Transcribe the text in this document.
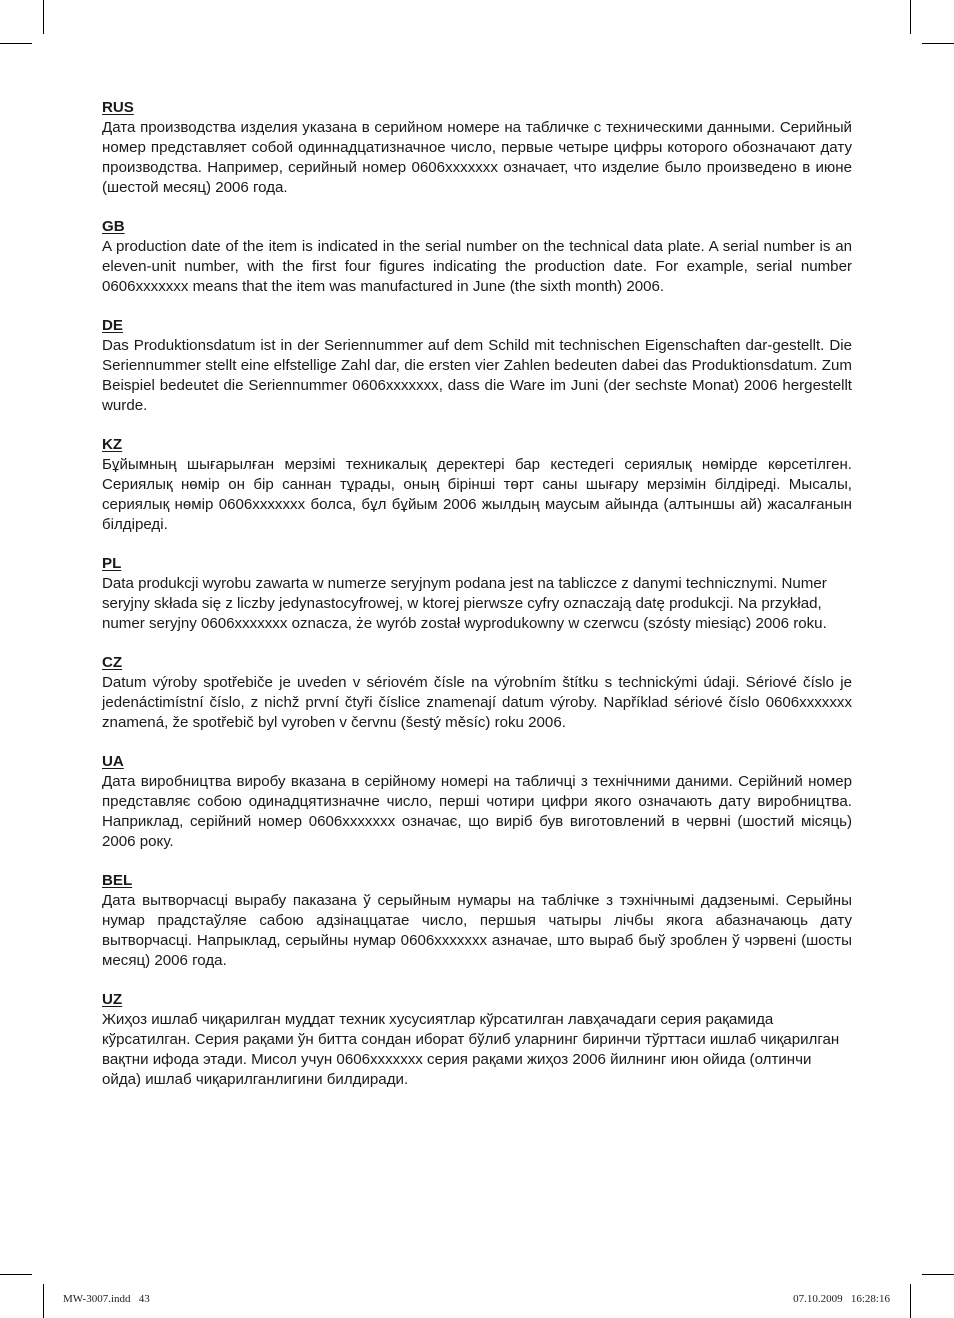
RUS

Дата производства изделия указана в серийном номере на табличке с техническими данными. Серийный номер представляет собой одиннадцатизначное число, первые четыре цифры которого обозначают дату производства. Например, серийный номер 0606xxxxxxx означает, что изделие было произведено в июне (шестой месяц) 2006 года.

GB

A production date of the item is indicated in the serial number on the technical data plate. A serial number is an eleven-unit number, with the first four figures indicating the production date. For example, serial number 0606xxxxxxx means that the item was manufactured in June (the sixth month) 2006.

DE

Das Produktionsdatum ist in der Seriennummer auf dem Schild mit technischen Eigenschaften dar-gestellt. Die Seriennummer stellt eine elfstellige Zahl dar, die ersten vier Zahlen bedeuten dabei das Produktionsdatum. Zum Beispiel bedeutet die Seriennummer 0606xxxxxxx, dass die Ware im Juni (der sechste Monat) 2006 hergestellt wurde.

KZ

Бұйымның шығарылған мерзімі техникалық деректері бар кестедегі сериялық нөмірде көрсетілген. Сериялық нөмір он бір саннан тұрады, оның бірінші төрт саны шығару мерзімін білдіреді. Мысалы, сериялық нөмір 0606xxxxxxx болса, бұл бұйым 2006 жылдың маусым айында (алтыншы ай) жасалғанын білдіреді.

PL

Data produkcji wyrobu zawarta w numerze seryjnym podana jest na tabliczce z danymi technicznymi. Numer seryjny składa się z liczby jedynastocyfrowej, w ktorej pierwsze cyfry oznaczają datę produkcji. Na przykład, numer seryjny 0606xxxxxxx oznacza, że wyrób został wyprodukowny w czerwcu (szósty miesiąc) 2006 roku.

CZ

Datum výroby spotřebiče je uveden v sériovém čísle na výrobním štítku s technickými údaji. Sériové číslo je jedenáctimístní číslo, z nichž první čtyři číslice znamenají datum výroby. Například sériové číslo 0606xxxxxxx znamená, že spotřebič byl vyroben v červnu (šestý měsíc) roku 2006.

UA

Дата виробництва виробу вказана в серійному номері на табличці з технічними даними. Серійний номер представляє собою одинадцятизначне число, перші чотири цифри якого означають дату виробництва. Наприклад, серійний номер 0606xxxxxxx означає, що виріб був виготовлений в червні (шостий місяць) 2006 року.

BEL

Дата вытворчасці вырабу паказана ў серыйным нумары на таблічке з тэхнічнымі дадзенымі. Серыйны нумар прадстаўляе сабою адзінаццатае число, першыя чатыры лічбы якога абазначаюць дату вытворчасці. Напрыклад, серыйны нумар 0606xxxxxxx азначае, што выраб быў зроблен ў чэрвені (шосты месяц) 2006 года.

UZ

Жиҳоз ишлаб чиқарилган муддат техник хусусиятлар кўрсатилган лавҳачадаги серия рақамида кўрсатилган. Серия рақами ўн битта сондан иборат бўлиб уларнинг биринчи тўрттаси ишлаб чиқарилган вақтни ифода этади. Мисол учун 0606xxxxxxx серия рақами жиҳоз 2006 йилнинг июн ойида (олтинчи ойда) ишлаб чиқарилганлигини билдиради.

MW-3007.indd   43	07.10.2009   16:28:16
